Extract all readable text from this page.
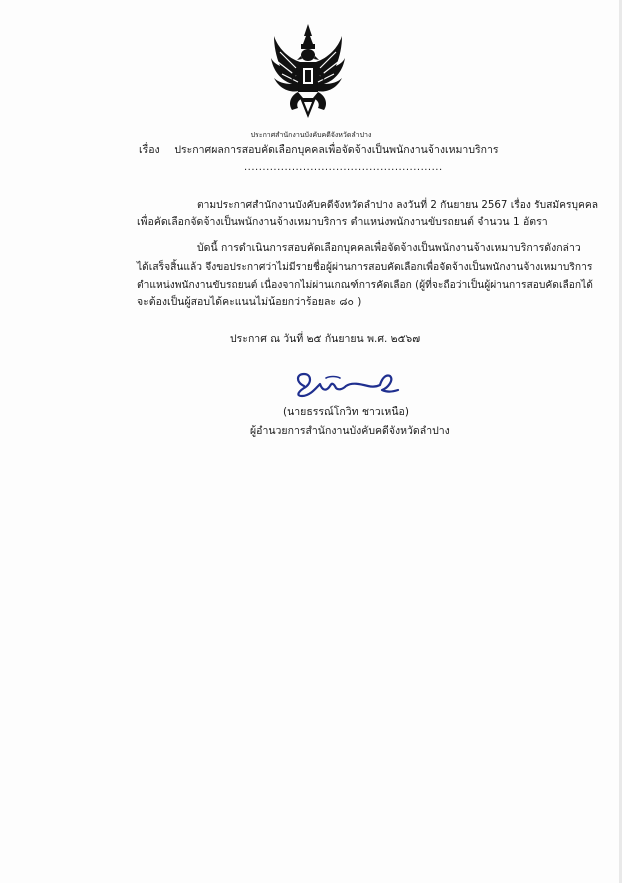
ประกาศสำนักงานบังคับคดีจังหวัดลำปาง
เรื่อง ประกาศผลการสอบคัดเลือกบุคคลเพื่อจัดจ้างเป็นพนักงานจ้างเหมาบริการ
......................................................
ตามประกาศสำนักงานบังคับคดีจังหวัดลำปาง ลงวันที่ 2 กันยายน 2567 เรื่อง รับสมัครบุคคล
เพื่อคัดเลือกจัดจ้างเป็นพนักงานจ้างเหมาบริการ ตำแหน่งพนักงานขับรถยนต์ จำนวน 1 อัตรา
บัดนี้ การดำเนินการสอบคัดเลือกบุคคลเพื่อจัดจ้างเป็นพนักงานจ้างเหมาบริการดังกล่าว
ได้เสร็จสิ้นแล้ว จึงขอประกาศว่าไม่มีรายชื่อผู้ผ่านการสอบคัดเลือกเพื่อจัดจ้างเป็นพนักงานจ้างเหมาบริการ
ตำแหน่งพนักงานขับรถยนต์ เนื่องจากไม่ผ่านเกณฑ์การคัดเลือก (ผู้ที่จะถือว่าเป็นผู้ผ่านการสอบคัดเลือกได้
จะต้องเป็นผู้สอบได้คะแนนไม่น้อยกว่าร้อยละ ๘๐ )
ประกาศ ณ วันที่ ๒๕ กันยายน พ.ศ. ๒๕๖๗
(นายธรรณ์โกวิท ชาวเหนือ)
ผู้อำนวยการสำนักงานบังคับคดีจังหวัดลำปาง
